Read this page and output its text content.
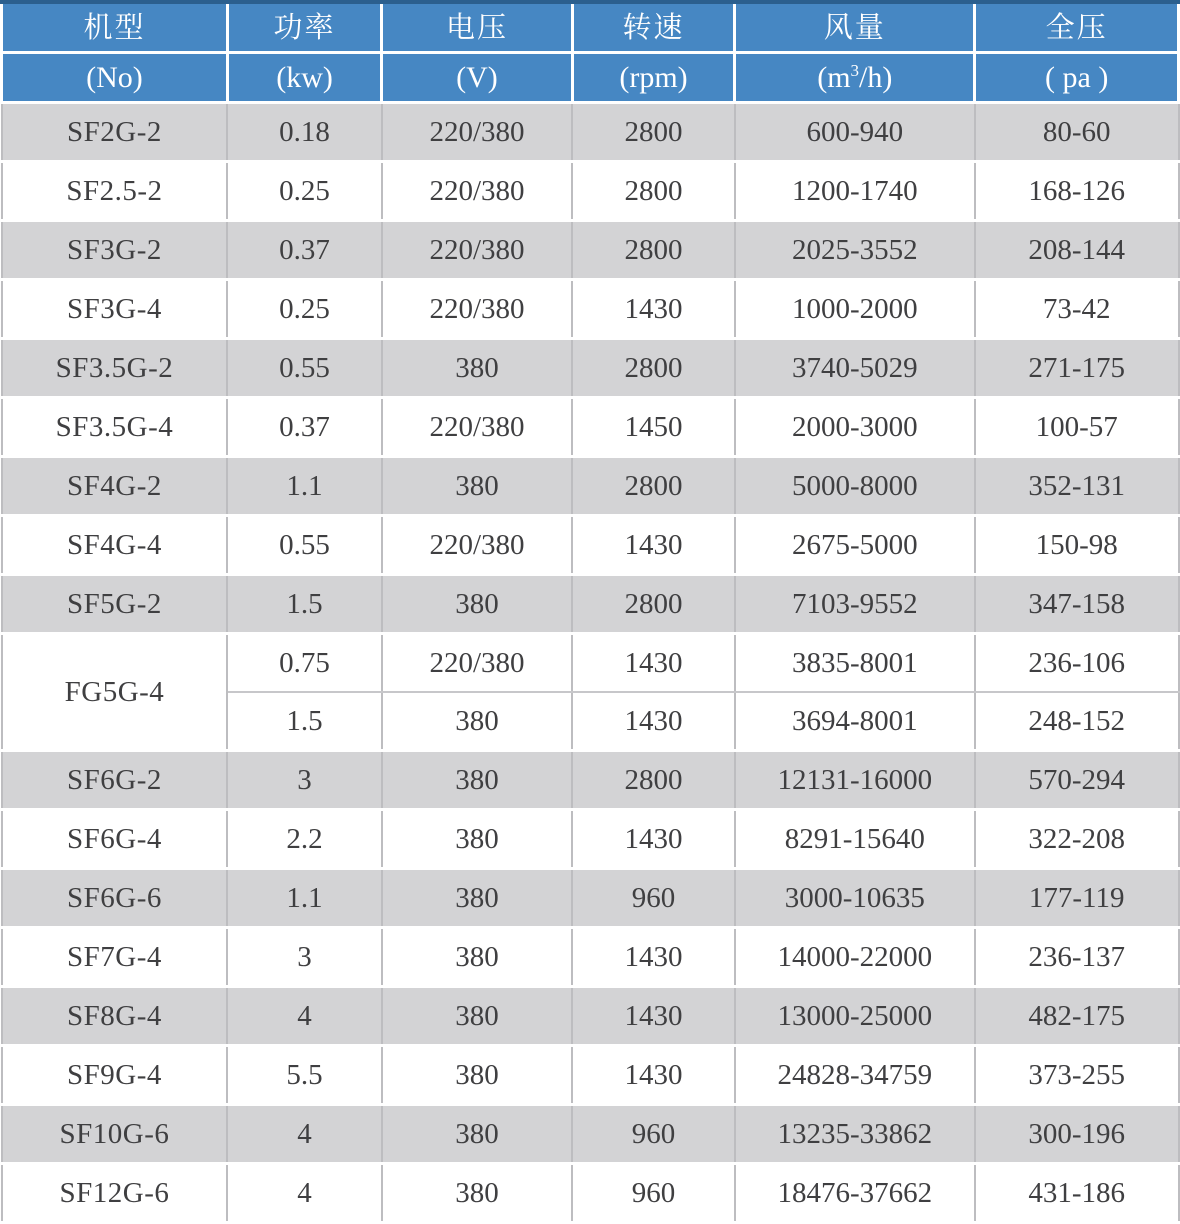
机型	功率	电压	转速	风量	全压
(No)	(kw)	(V)	(rpm)	$(m^3/h)$	( pa )
SF2G-2	0.18	220/380	2800	600-940	80-60
SF2.5-2	0.25	220/380	2800	1200-1740	168-126
SF3G-2	0.37	220/380	2800	2025-3552	208-144
SF3G-4	0.25	220/380	1430	1000-2000	73-42
SF3.5G-2	0.55	380	2800	3740-5029	271-175
SF3.5G-4	0.37	220/380	1450	2000-3000	100-57
SF4G-2	1.1	380	2800	5000-8000	352-131
SF4G-4	0.55	220/380	1430	2675-5000	150-98
SF5G-2	1.5	380	2800	7103-9552	347-158
FG5G-4	0.75	220/380	1430	3835-8001	236-106
	1.5	380	1430	3694-8001	248-152
SF6G-2	3	380	2800	12131-16000	570-294
SF6G-4	2.2	380	1430	8291-15640	322-208
SF6G-6	1.1	380	960	3000-10635	177-119
SF7G-4	3	380	1430	14000-22000	236-137
SF8G-4	4	380	1430	13000-25000	482-175
SF9G-4	5.5	380	1430	24828-34759	373-255
SF10G-6	4	380	960	13235-33862	300-196
SF12G-6	4	380	960	18476-37662	431-186
